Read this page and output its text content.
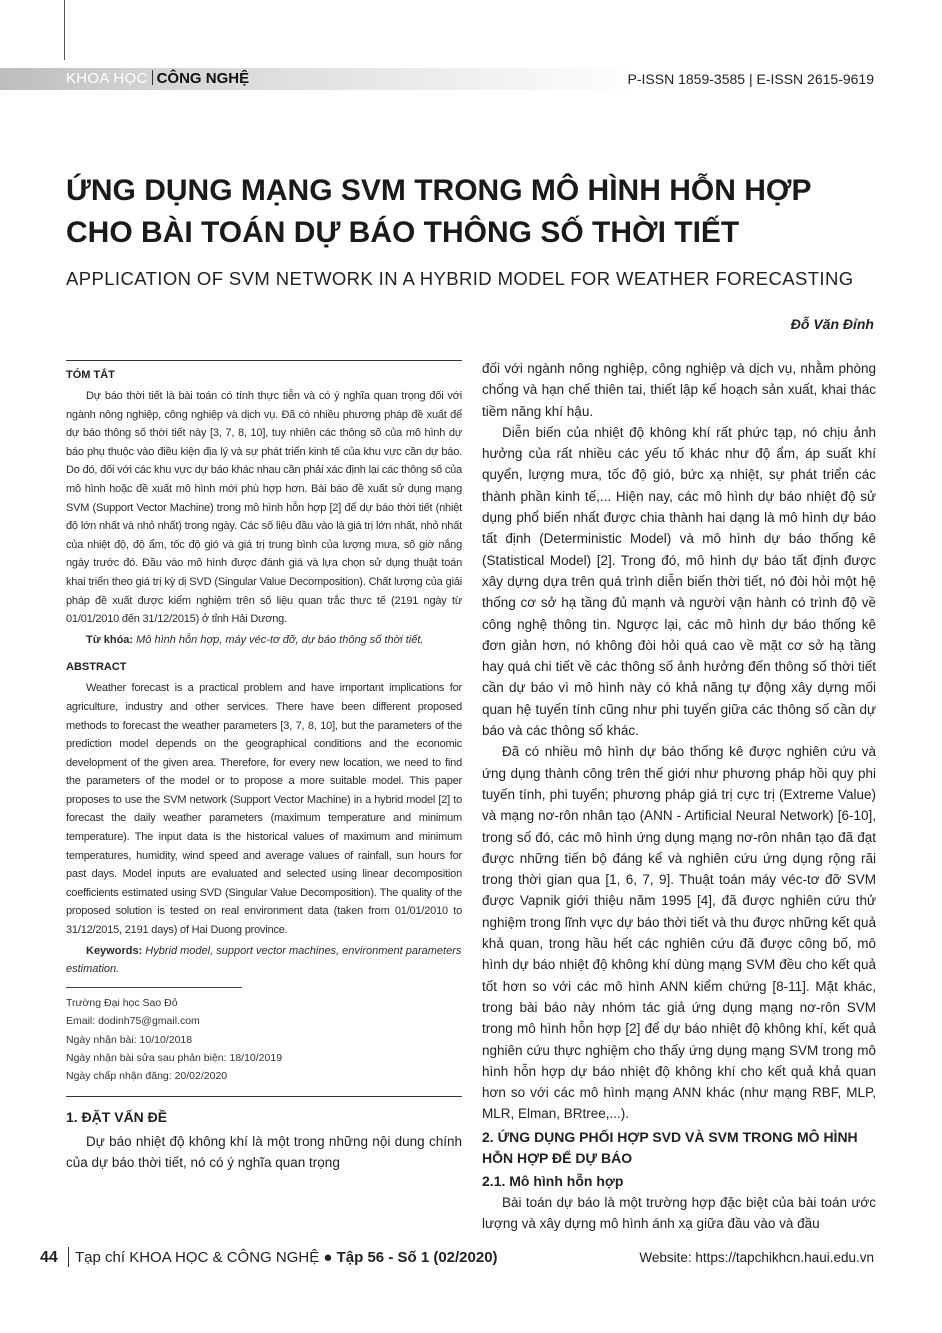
KHOA HỌC CÔNG NGHỆ	P-ISSN 1859-3585 | E-ISSN 2615-9619
ỨNG DỤNG MẠNG SVM TRONG MÔ HÌNH HỖN HỢP CHO BÀI TOÁN DỰ BÁO THÔNG SỐ THỜI TIẾT
APPLICATION OF SVM NETWORK IN A HYBRID MODEL FOR WEATHER FORECASTING
Đỗ Văn Đỉnh
TÓM TẮT

Dự báo thời tiết là bài toán có tính thực tiễn và có ý nghĩa quan trọng đối với ngành nông nghiệp, công nghiệp và dịch vụ. Đã có nhiều phương pháp đề xuất để dự báo thông số thời tiết này [3, 7, 8, 10], tuy nhiên các thông số của mô hình dự báo phụ thuộc vào điều kiện địa lý và sự phát triển kinh tế của khu vực cần dự báo. Do đó, đối với các khu vực dự báo khác nhau cần phải xác định lại các thông số của mô hình hoặc đề xuất mô hình mới phù hợp hơn. Bài báo đề xuất sử dụng mạng SVM (Support Vector Machine) trong mô hình hỗn hợp [2] để dự báo thời tiết (nhiệt độ lớn nhất và nhỏ nhất) trong ngày. Các số liệu đầu vào là giá trị lớn nhất, nhỏ nhất của nhiệt độ, độ ẩm, tốc độ gió và giá trị trung bình của lượng mưa, số giờ nắng ngày trước đó. Đầu vào mô hình được đánh giá và lựa chọn sử dụng thuật toán khai triển theo giá trị kỳ dị SVD (Singular Value Decomposition). Chất lượng của giải pháp đề xuất được kiểm nghiệm trên số liệu quan trắc thực tế (2191 ngày từ 01/01/2010 đến 31/12/2015) ở tỉnh Hải Dương.

Từ khóa: Mô hình hỗn hợp, máy véc-tơ đỡ, dự báo thông số thời tiết.

ABSTRACT

Weather forecast is a practical problem and have important implications for agriculture, industry and other services. There have been different proposed methods to forecast the weather parameters [3, 7, 8, 10], but the parameters of the prediction model depends on the geographical conditions and the economic development of the given area. Therefore, for every new location, we need to find the parameters of the model or to propose a more suitable model. This paper proposes to use the SVM network (Support Vector Machine) in a hybrid model [2] to forecast the daily weather parameters (maximum temperature and minimum temperature). The input data is the historical values of maximum and minimum temperatures, humidity, wind speed and average values of rainfall, sun hours for past days. Model inputs are evaluated and selected using linear decomposition coefficients estimated using SVD (Singular Value Decomposition). The quality of the proposed solution is tested on real environment data (taken from 01/01/2010 to 31/12/2015, 2191 days) of Hai Duong province.

Keywords: Hybrid model, support vector machines, environment parameters estimation.

Trường Đại học Sao Đỏ
Email: dodinh75@gmail.com
Ngày nhận bài: 10/10/2018
Ngày nhận bài sửa sau phản biện: 18/10/2019
Ngày chấp nhận đăng: 20/02/2020
1. ĐẶT VẤN ĐỀ

Dự báo nhiệt độ không khí là một trong những nội dung chính của dự báo thời tiết, nó có ý nghĩa quan trọng

đối với ngành nông nghiệp, công nghiệp và dịch vụ, nhằm phòng chống và hạn chế thiên tai, thiết lập kế hoạch sản xuất, khai thác tiềm năng khí hậu.

Diễn biến của nhiệt độ không khí rất phức tạp, nó chịu ảnh hưởng của rất nhiều các yếu tố khác như độ ẩm, áp suất khí quyển, lượng mưa, tốc độ gió, bức xạ nhiệt, sự phát triển các thành phần kinh tế,... Hiện nay, các mô hình dự báo nhiệt độ sử dụng phổ biến nhất được chia thành hai dạng là mô hình dự báo tất định (Deterministic Model) và mô hình dự báo thống kê (Statistical Model) [2]. Trong đó, mô hình dự báo tất định được xây dựng dựa trên quá trình diễn biến thời tiết, nó đòi hỏi một hệ thống cơ sở hạ tầng đủ mạnh và người vận hành có trình độ về công nghệ thông tin. Ngược lại, các mô hình dự báo thống kê đơn giản hơn, nó không đòi hỏi quá cao về mặt cơ sở hạ tầng hay quá chi tiết về các thông số ảnh hưởng đến thông số thời tiết cần dự báo vì mô hình này có khả năng tự động xây dựng mối quan hệ tuyến tính cũng như phi tuyến giữa các thông số cần dự báo và các thông số khác.

Đã có nhiều mô hình dự báo thống kê được nghiên cứu và ứng dụng thành công trên thế giới như phương pháp hồi quy phi tuyến tính, phi tuyến; phương pháp giá trị cực trị (Extreme Value) và mạng nơ-rôn nhân tạo (ANN - Artificial Neural Network) [6-10], trong số đó, các mô hình ứng dụng mạng nơ-rôn nhân tạo đã đạt được những tiến bộ đáng kể và nghiên cứu ứng dụng rộng rãi trong thời gian qua [1, 6, 7, 9]. Thuật toán máy véc-tơ đỡ SVM được Vapnik giới thiệu năm 1995 [4], đã được nghiên cứu thử nghiệm trong lĩnh vực dự báo thời tiết và thu được những kết quả khả quan, trong hầu hết các nghiên cứu đã được công bố, mô hình dự báo nhiệt độ không khí dùng mạng SVM đều cho kết quả tốt hơn so với các mô hình ANN kiểm chứng [8-11]. Mặt khác, trong bài báo này nhóm tác giả ứng dụng mạng nơ-rôn SVM trong mô hình hỗn hợp [2] để dự báo nhiệt độ không khí, kết quả nghiên cứu thực nghiệm cho thấy ứng dụng mạng SVM trong mô hình hỗn hợp dự báo nhiệt độ không khí cho kết quả khả quan hơn so với các mô hình mạng ANN khác (như mạng RBF, MLP, MLR, Elman, BRtree,...).

2. ỨNG DỤNG PHỐI HỢP SVD VÀ SVM TRONG MÔ HÌNH HỖN HỢP ĐỂ DỰ BÁO
2.1. Mô hình hỗn hợp

Bài toán dự báo là một trường hợp đặc biệt của bài toán ước lượng và xây dựng mô hình ánh xạ giữa đầu vào và đầu

44 Tạp chí KHOA HỌC & CÔNG NGHỆ ● Tập 56 - Số 1 (02/2020)	Website: https://tapchikhcn.haui.edu.vn
